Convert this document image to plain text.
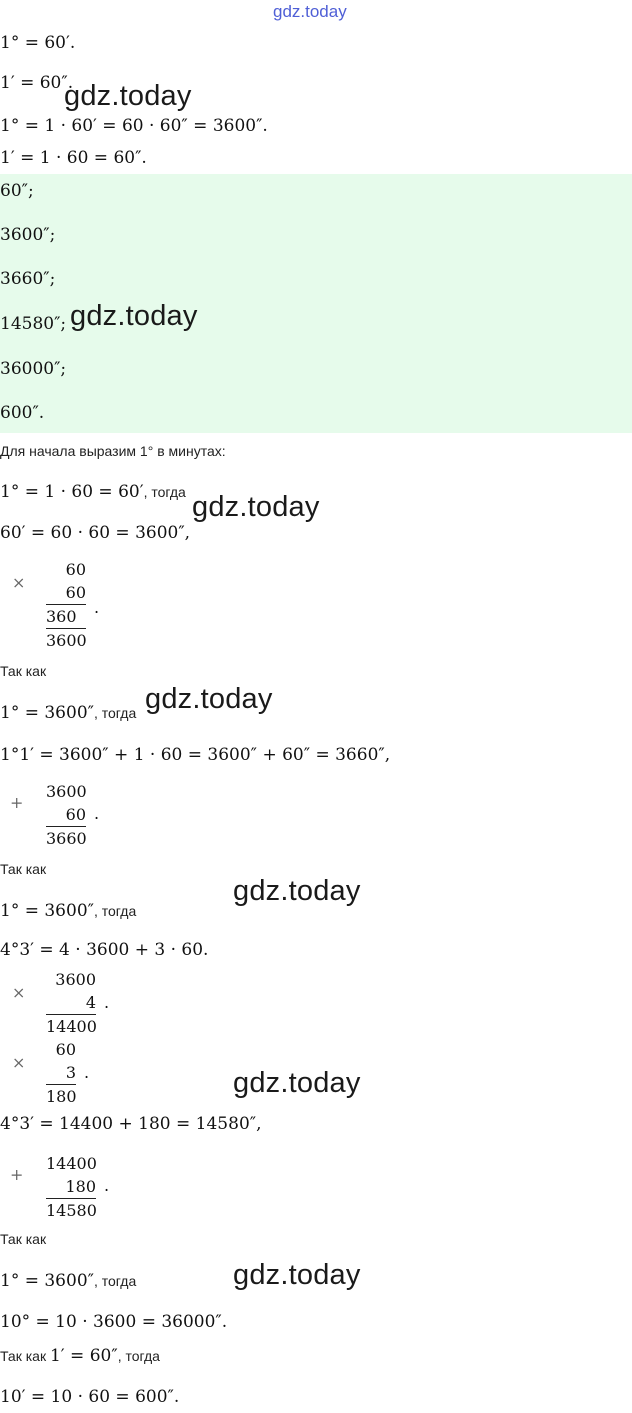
gdz.today
1° = 60′.
1′ = 60″.
1° = 1 · 60′ = 60 · 60″ = 3600″.
1′ = 1 · 60 = 60″.
gdz.today
60″;
3600″;
3660″;
14580″;
36000″;
600″.
gdz.today
Для начала выразим 1° в минутах:
1° = 1 · 60 = 60′, тогда
60′ = 60 · 60 = 3600″,
gdz.today
×
60
60
360
3600
.
Так как
1° = 3600″, тогда
1°1′ = 3600″ + 1 · 60 = 3600″ + 60″ = 3660″,
gdz.today
+
3600
60
3660
.
Так как
1° = 3600″, тогда
4°3′ = 4 · 3600 + 3 · 60.
gdz.today
×
3600
4
14400
.
×
60
3
180
.	gdz.today
4°3′ = 14400 + 180 = 14580″,
+
14400
180
14580
.
Так как
1° = 3600″, тогда	gdz.today
10° = 10 · 3600 = 36000″.
Так как 1′ = 60″, тогда
10′ = 10 · 60 = 600″.
